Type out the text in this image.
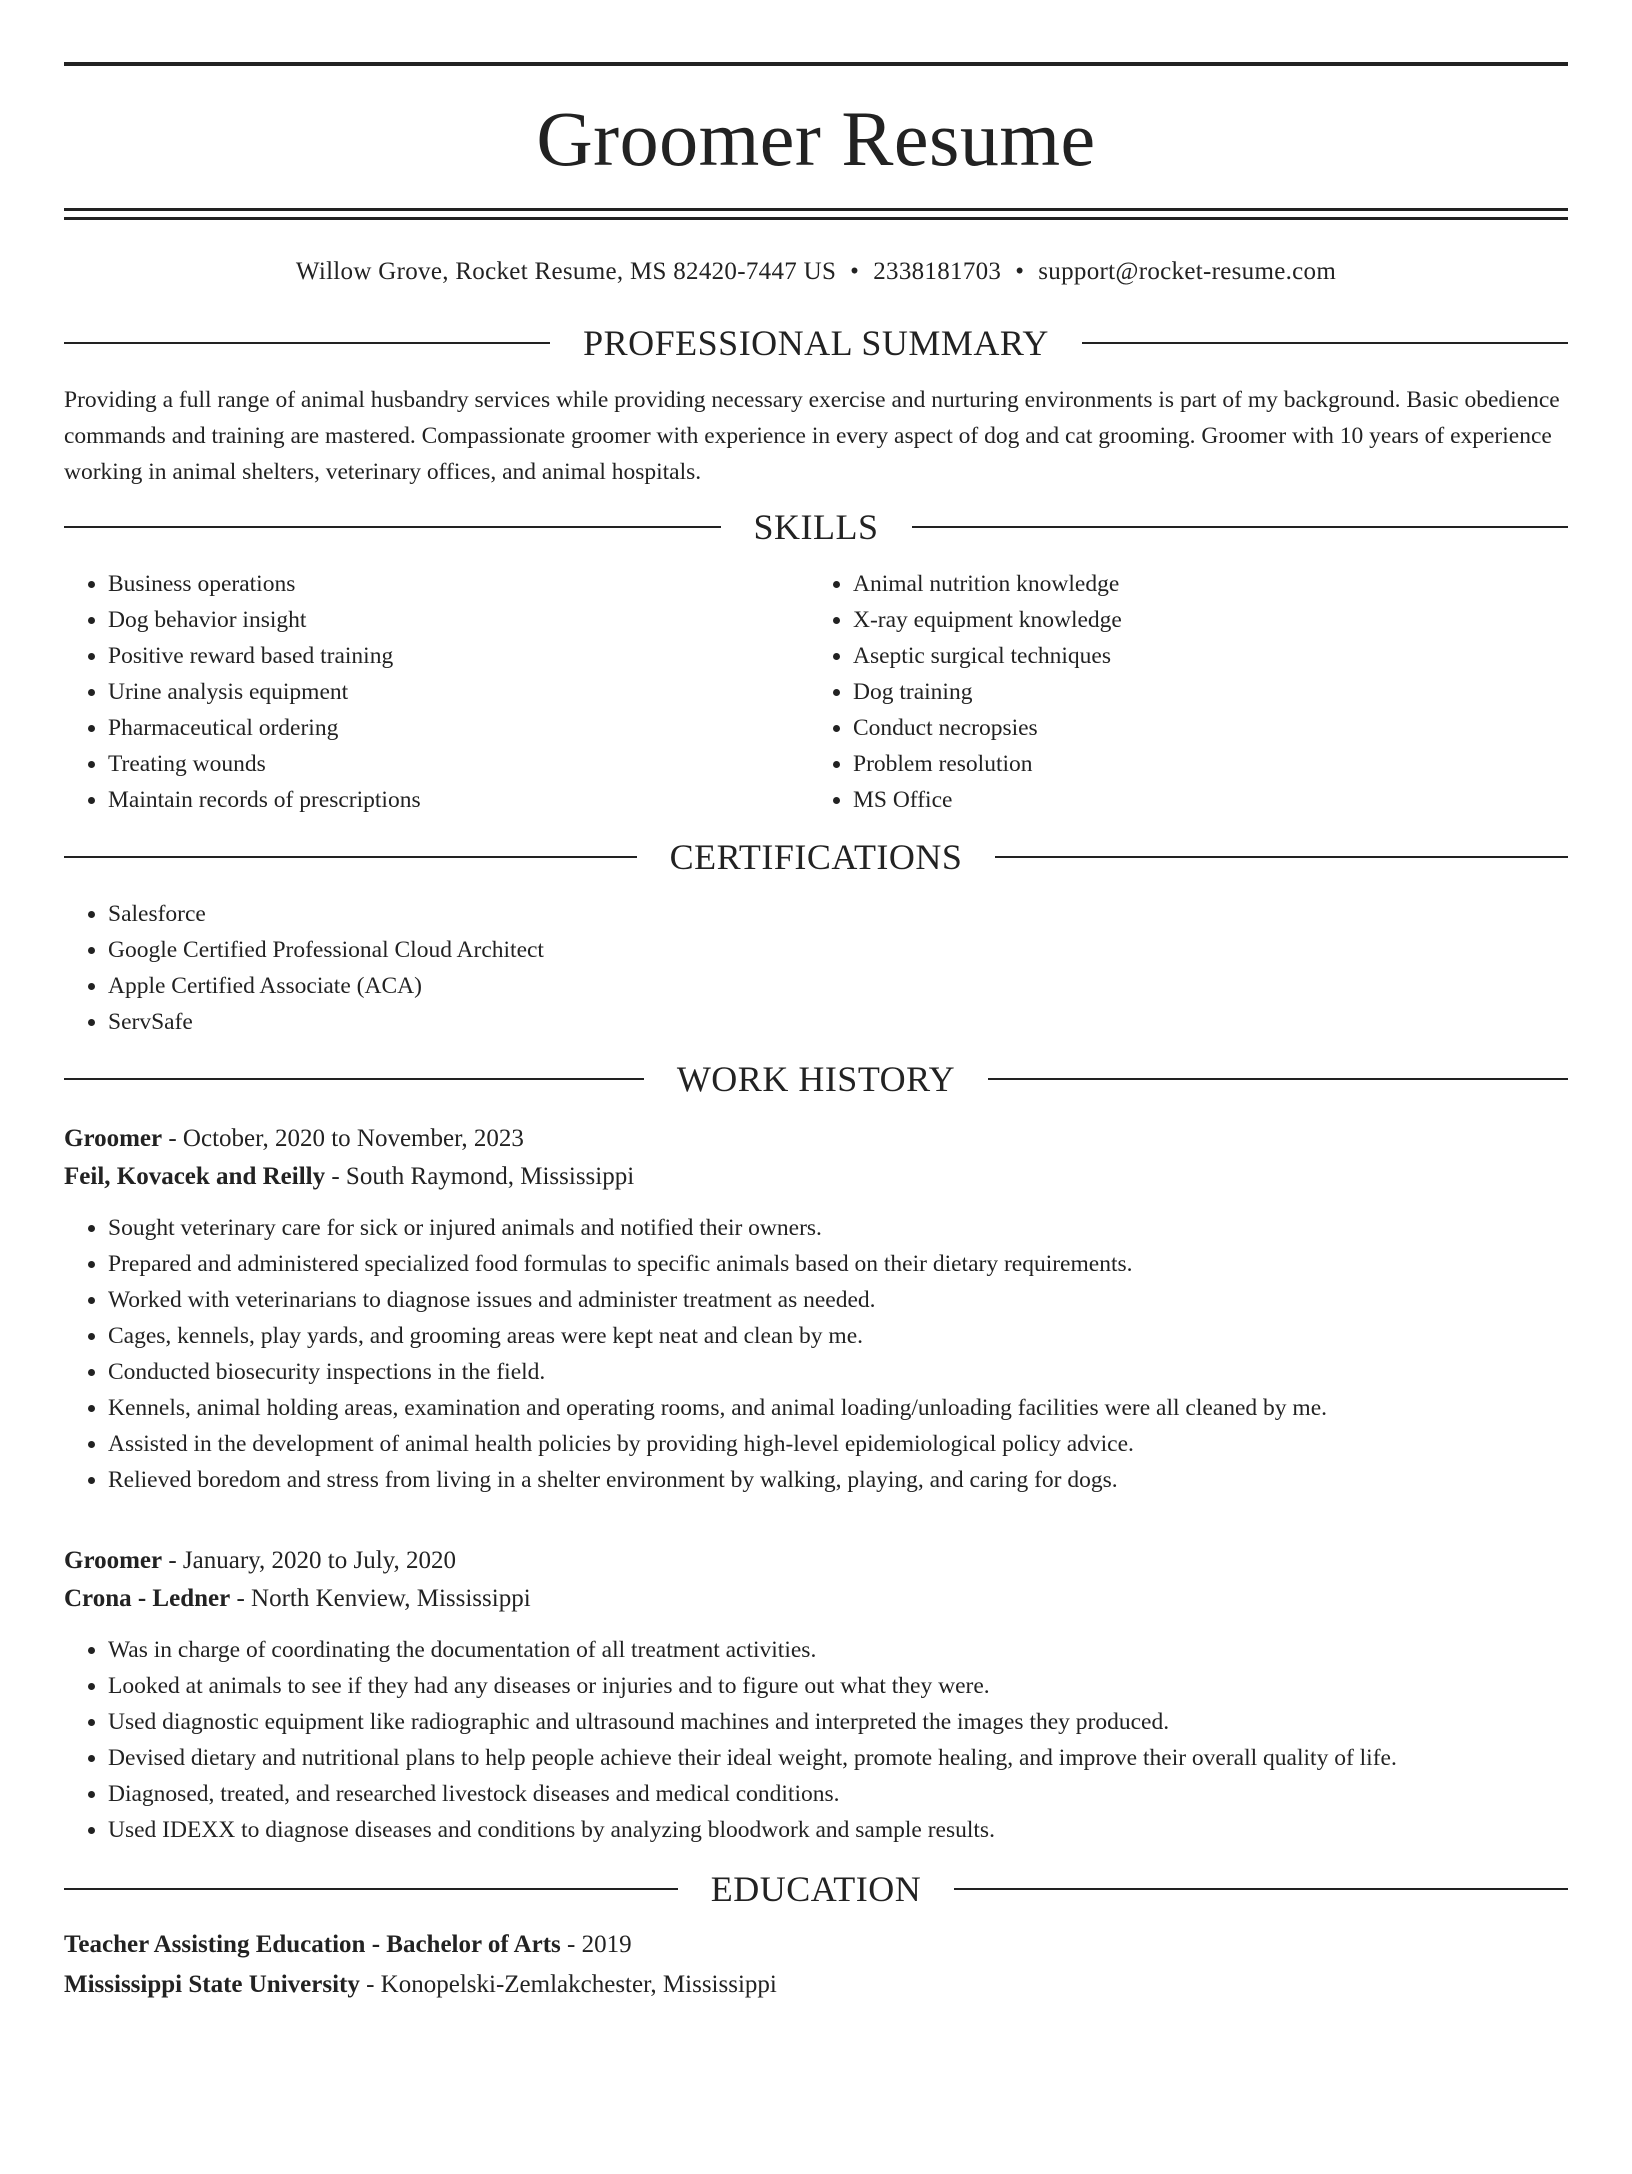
Groomer Resume
Willow Grove, Rocket Resume, MS 82420-7447 US • 2338181703 • support@rocket-resume.com
PROFESSIONAL SUMMARY
Providing a full range of animal husbandry services while providing necessary exercise and nurturing environments is part of my background. Basic obedience commands and training are mastered. Compassionate groomer with experience in every aspect of dog and cat grooming. Groomer with 10 years of experience working in animal shelters, veterinary offices, and animal hospitals.
SKILLS
• Business operations
• Dog behavior insight
• Positive reward based training
• Urine analysis equipment
• Pharmaceutical ordering
• Treating wounds
• Maintain records of prescriptions
• Animal nutrition knowledge
• X-ray equipment knowledge
• Aseptic surgical techniques
• Dog training
• Conduct necropsies
• Problem resolution
• MS Office
CERTIFICATIONS
• Salesforce
• Google Certified Professional Cloud Architect
• Apple Certified Associate (ACA)
• ServSafe
WORK HISTORY
Groomer - October, 2020 to November, 2023
Feil, Kovacek and Reilly - South Raymond, Mississippi
• Sought veterinary care for sick or injured animals and notified their owners.
• Prepared and administered specialized food formulas to specific animals based on their dietary requirements.
• Worked with veterinarians to diagnose issues and administer treatment as needed.
• Cages, kennels, play yards, and grooming areas were kept neat and clean by me.
• Conducted biosecurity inspections in the field.
• Kennels, animal holding areas, examination and operating rooms, and animal loading/unloading facilities were all cleaned by me.
• Assisted in the development of animal health policies by providing high-level epidemiological policy advice.
• Relieved boredom and stress from living in a shelter environment by walking, playing, and caring for dogs.
Groomer - January, 2020 to July, 2020
Crona - Ledner - North Kenview, Mississippi
• Was in charge of coordinating the documentation of all treatment activities.
• Looked at animals to see if they had any diseases or injuries and to figure out what they were.
• Used diagnostic equipment like radiographic and ultrasound machines and interpreted the images they produced.
• Devised dietary and nutritional plans to help people achieve their ideal weight, promote healing, and improve their overall quality of life.
• Diagnosed, treated, and researched livestock diseases and medical conditions.
• Used IDEXX to diagnose diseases and conditions by analyzing bloodwork and sample results.
EDUCATION
Teacher Assisting Education - Bachelor of Arts - 2019
Mississippi State University - Konopelski-Zemlakchester, Mississippi
